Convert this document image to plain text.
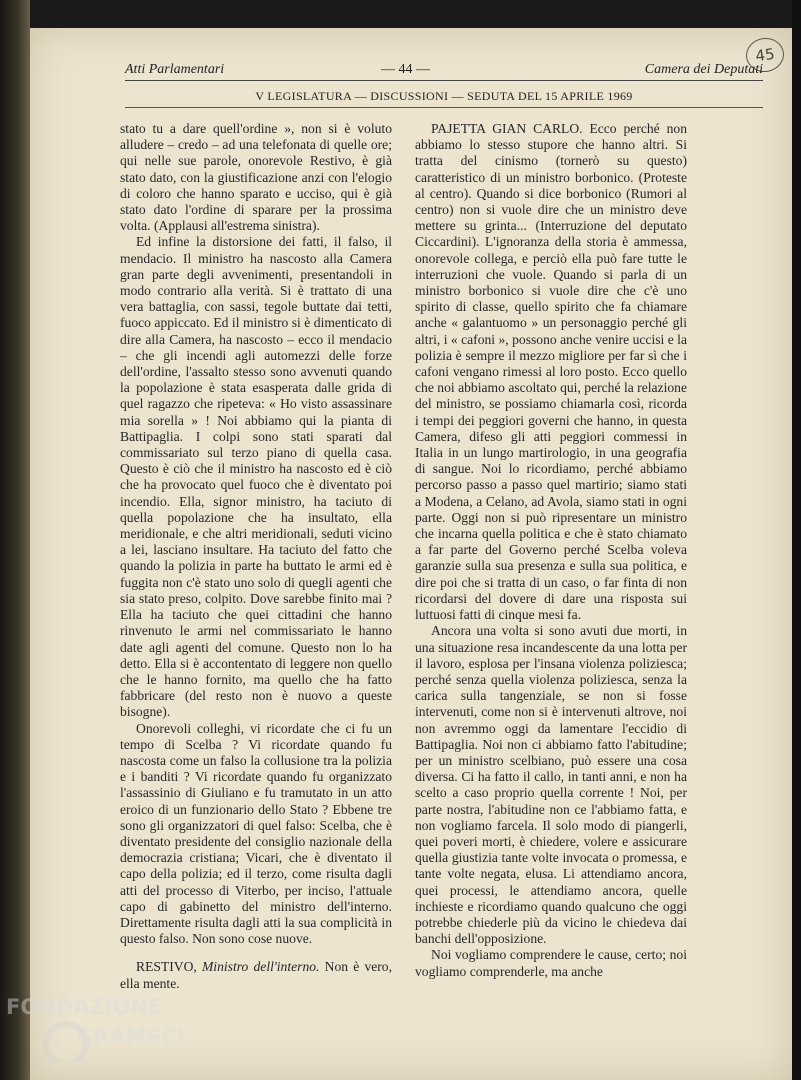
45
Atti Parlamentari	— 44 —	Camera dei Deputati
V LEGISLATURA — DISCUSSIONI — SEDUTA DEL 15 APRILE 1969

stato tu a dare quell'ordine », non si è voluto alludere – credo – ad una telefonata di quelle ore; qui nelle sue parole, onorevole Restivo, è già stato dato, con la giustificazione anzi con l'elogio di coloro che hanno sparato e ucciso, qui è già stato dato l'ordine di sparare per la prossima volta. (Applausi all'estrema sinistra).

Ed infine la distorsione dei fatti, il falso, il mendacio. Il ministro ha nascosto alla Camera gran parte degli avvenimenti, presentandoli in modo contrario alla verità. Si è trattato di una vera battaglia, con sassi, tegole buttate dai tetti, fuoco appiccato. Ed il ministro si è dimenticato di dire alla Camera, ha nascosto – ecco il mendacio – che gli incendi agli automezzi delle forze dell'ordine, l'assalto stesso sono avvenuti quando la popolazione è stata esasperata dalle grida di quel ragazzo che ripeteva: « Ho visto assassinare mia sorella » ! Noi abbiamo qui la pianta di Battipaglia. I colpi sono stati sparati dal commissariato sul terzo piano di quella casa. Questo è ciò che il ministro ha nascosto ed è ciò che ha provocato quel fuoco che è diventato poi incendio. Ella, signor ministro, ha taciuto di quella popolazione che ha insultato, ella meridionale, e che altri meridionali, seduti vicino a lei, lasciano insultare. Ha taciuto del fatto che quando la polizia in parte ha buttato le armi ed è fuggita non c'è stato uno solo di quegli agenti che sia stato preso, colpito. Dove sarebbe finito mai ? Ella ha taciuto che quei cittadini che hanno rinvenuto le armi nel commissariato le hanno date agli agenti del comune. Questo non lo ha detto. Ella si è accontentato di leggere non quello che le hanno fornito, ma quello che ha fatto fabbricare (del resto non è nuovo a queste bisogne).

Onorevoli colleghi, vi ricordate che ci fu un tempo di Scelba ? Vi ricordate quando fu nascosta come un falso la collusione tra la polizia e i banditi ? Vi ricordate quando fu organizzato l'assassinio di Giuliano e fu tramutato in un atto eroico di un funzionario dello Stato ? Ebbene tre sono gli organizzatori di quel falso: Scelba, che è diventato presidente del consiglio nazionale della democrazia cristiana; Vicari, che è diventato il capo della polizia; ed il terzo, come risulta dagli atti del processo di Viterbo, per inciso, l'attuale capo di gabinetto del ministro dell'interno. Direttamente risulta dagli atti la sua complicità in questo falso. Non sono cose nuove.

RESTIVO, Ministro dell'interno. Non è vero, ella mente.

PAJETTA GIAN CARLO. Ecco perché non abbiamo lo stesso stupore che hanno altri. Si tratta del cinismo (tornerò su questo) caratteristico di un ministro borbonico. (Proteste al centro). Quando si dice borbonico (Rumori al centro) non si vuole dire che un ministro deve mettere su grinta... (Interruzione del deputato Ciccardini). L'ignoranza della storia è ammessa, onorevole collega, e perciò ella può fare tutte le interruzioni che vuole. Quando si parla di un ministro borbonico si vuole dire che c'è uno spirito di classe, quello spirito che fa chiamare anche « galantuomo » un personaggio perché gli altri, i « cafoni », possono anche venire uccisi e la polizia è sempre il mezzo migliore per far sì che i cafoni vengano rimessi al loro posto. Ecco quello che noi abbiamo ascoltato qui, perché la relazione del ministro, se possiamo chiamarla così, ricorda i tempi dei peggiori governi che hanno, in questa Camera, difeso gli atti peggiori commessi in Italia in un lungo martirologio, in una geografia di sangue. Noi lo ricordiamo, perché abbiamo percorso passo a passo quel martirio; siamo stati a Modena, a Celano, ad Avola, siamo stati in ogni parte. Oggi non si può ripresentare un ministro che incarna quella politica e che è stato chiamato a far parte del Governo perché Scelba voleva garanzie sulla sua presenza e sulla sua politica, e dire poi che si tratta di un caso, o far finta di non ricordarsi del dovere di dare una risposta sui luttuosi fatti di cinque mesi fa.

Ancora una volta si sono avuti due morti, in una situazione resa incandescente da una lotta per il lavoro, esplosa per l'insana violenza poliziesca; perché senza quella violenza poliziesca, senza la carica sulla tangenziale, se non si fosse intervenuti, come non si è intervenuti altrove, noi non avremmo oggi da lamentare l'eccidio di Battipaglia. Noi non ci abbiamo fatto l'abitudine; per un ministro scelbiano, può essere una cosa diversa. Ci ha fatto il callo, in tanti anni, e non ha scelto a caso proprio quella corrente ! Noi, per parte nostra, l'abitudine non ce l'abbiamo fatta, e non vogliamo farcela. Il solo modo di piangerli, quei poveri morti, è chiedere, volere e assicurare quella giustizia tante volte invocata o promessa, e tante volte negata, elusa. Li attendiamo ancora, quei processi, le attendiamo ancora, quelle inchieste e ricordiamo quando qualcuno che oggi potrebbe chiederle più da vicino le chiedeva dai banchi dell'opposizione.

Noi vogliamo comprendere le cause, certo; noi vogliamo comprenderle, ma anche

FONDAZIONE
GRAMSCI
